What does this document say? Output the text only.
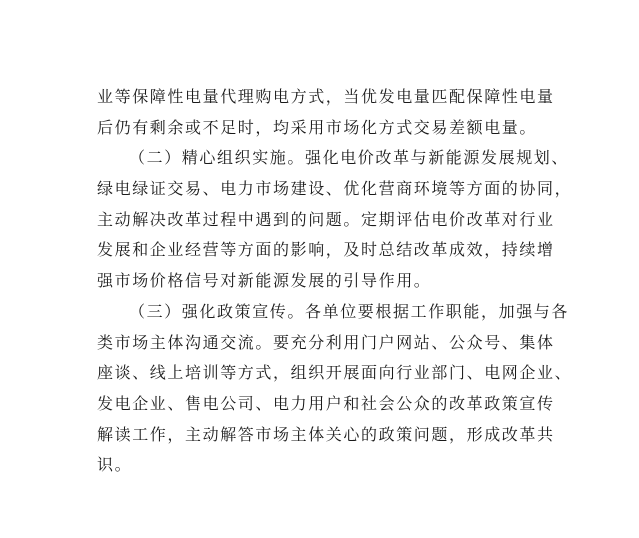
业等保障性电量代理购电方式，当优发电量匹配保障性电量
后仍有剩余或不足时，均采用市场化方式交易差额电量。
（二）精心组织实施。强化电价改革与新能源发展规划、
绿电绿证交易、电力市场建设、优化营商环境等方面的协同，
主动解决改革过程中遇到的问题。定期评估电价改革对行业
发展和企业经营等方面的影响，及时总结改革成效，持续增
强市场价格信号对新能源发展的引导作用。
（三）强化政策宣传。各单位要根据工作职能，加强与各
类市场主体沟通交流。要充分利用门户网站、公众号、集体
座谈、线上培训等方式，组织开展面向行业部门、电网企业、
发电企业、售电公司、电力用户和社会公众的改革政策宣传
解读工作，主动解答市场主体关心的政策问题，形成改革共
识。
